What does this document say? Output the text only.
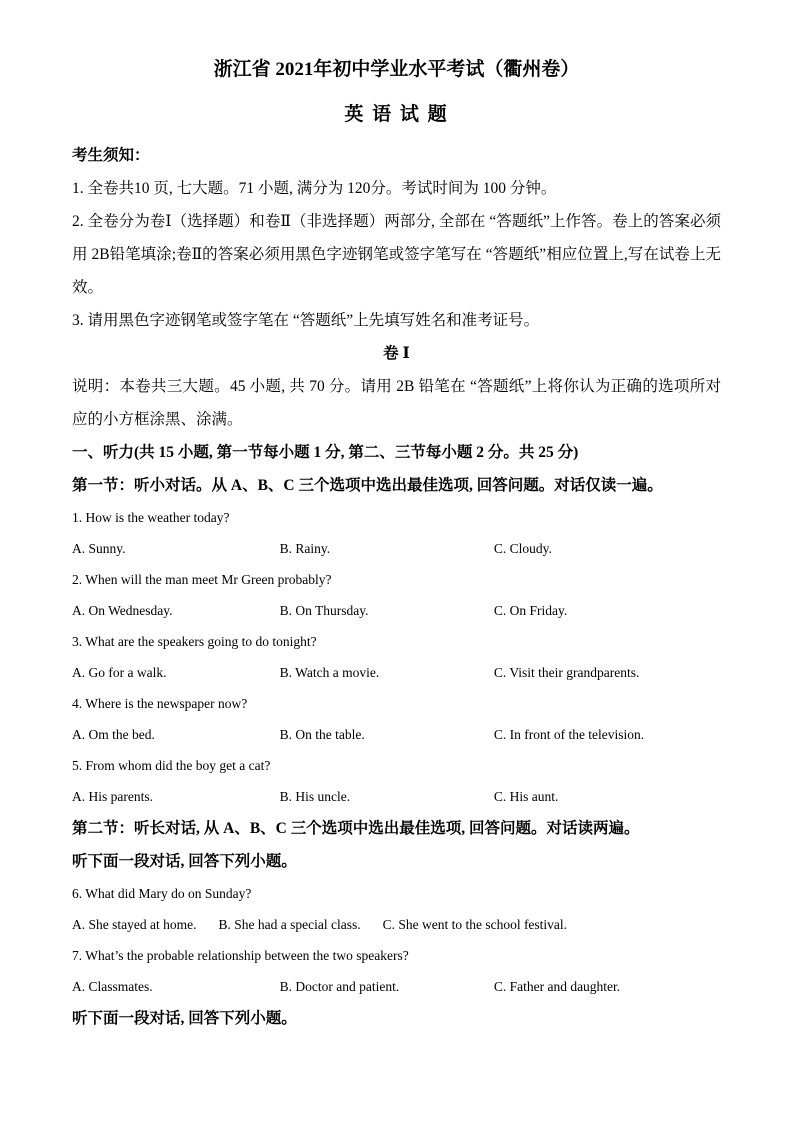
浙江省 2021年初中学业水平考试（衢州卷）
英 语 试 题

考生须知：

1. 全卷共10 页, 七大题。71 小题, 满分为 120分。考试时间为 100 分钟。

2. 全卷分为卷Ⅰ（选择题）和卷Ⅱ（非选择题）两部分, 全部在 “答题纸”上作答。卷上的答案必须用 2B铅笔填涂;卷Ⅱ的答案必须用黑色字迹钢笔或签字笔写在 “答题纸”相应位置上,写在试卷上无效。

3. 请用黑色字迹钢笔或签字笔在 “答题纸”上先填写姓名和准考证号。

卷 Ⅰ

说明：本卷共三大题。45 小题, 共 70 分。请用 2B 铅笔在 “答题纸”上将你认为正确的选项所对应的小方框涂黑、涂满。

一、听力(共 15 小题, 第一节每小题 1 分, 第二、三节每小题 2 分。共 25 分)

第一节：听小对话。从 A、B、C 三个选项中选出最佳选项, 回答问题。对话仅读一遍。

1. How is the weather today?

A. Sunny.	B. Rainy.	C. Cloudy.

2. When will the man meet Mr Green probably?

A. On Wednesday.	B. On Thursday.	C. On Friday.

3. What are the speakers going to do tonight?

A. Go for a walk.	B. Watch a movie.	C. Visit their grandparents.

4. Where is the newspaper now?

A. Om the bed.	B. On the table.	C. In front of the television.

5. From whom did the boy get a cat?

A. His parents.	B. His uncle.	C. His aunt.

第二节：听长对话, 从 A、B、C 三个选项中选出最佳选项, 回答问题。对话读两遍。

听下面一段对话, 回答下列小题。

6. What did Mary do on Sunday?

A. She stayed at home. B. She had a special class. C. She went to the school festival.

7. What’s the probable relationship between the two speakers?

A. Classmates.	B. Doctor and patient.	C. Father and daughter.

听下面一段对话, 回答下列小题。
